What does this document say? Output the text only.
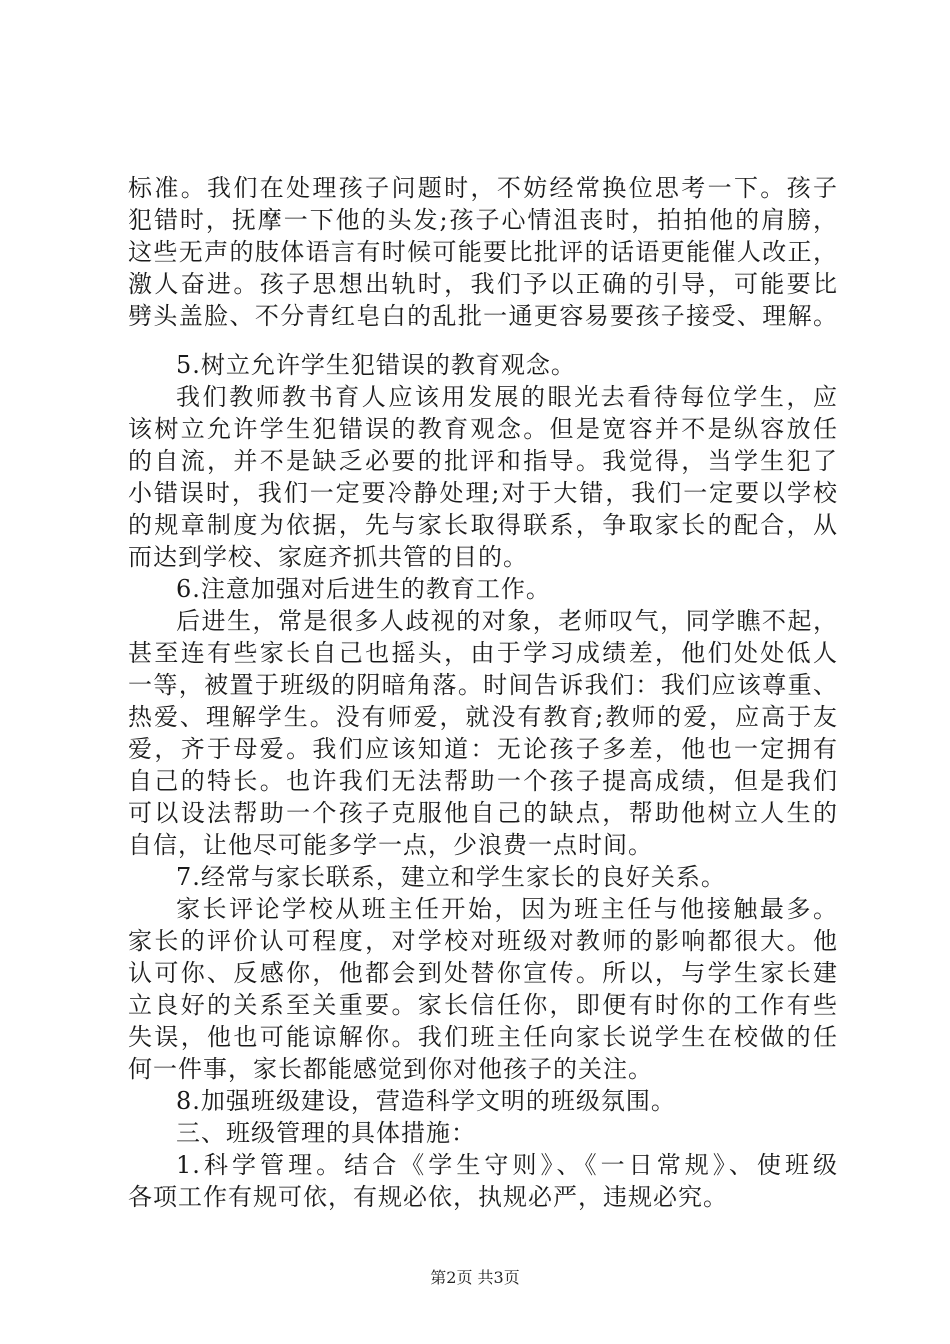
标准。我们在处理孩子问题时，不妨经常换位思考一下。孩子
犯错时，抚摩一下他的头发;孩子心情沮丧时，拍拍他的肩膀，
这些无声的肢体语言有时候可能要比批评的话语更能催人改正，
激人奋进。孩子思想出轨时，我们予以正确的引导，可能要比
劈头盖脸、不分青红皂白的乱批一通更容易要孩子接受、理解。
5.树立允许学生犯错误的教育观念。
我们教师教书育人应该用发展的眼光去看待每位学生，应
该树立允许学生犯错误的教育观念。但是宽容并不是纵容放任
的自流，并不是缺乏必要的批评和指导。我觉得，当学生犯了
小错误时，我们一定要冷静处理;对于大错，我们一定要以学校
的规章制度为依据，先与家长取得联系，争取家长的配合，从
而达到学校、家庭齐抓共管的目的。
6.注意加强对后进生的教育工作。
后进生，常是很多人歧视的对象，老师叹气，同学瞧不起，
甚至连有些家长自己也摇头，由于学习成绩差，他们处处低人
一等，被置于班级的阴暗角落。时间告诉我们：我们应该尊重、
热爱、理解学生。没有师爱，就没有教育;教师的爱，应高于友
爱，齐于母爱。我们应该知道：无论孩子多差，他也一定拥有
自己的特长。也许我们无法帮助一个孩子提高成绩，但是我们
可以设法帮助一个孩子克服他自己的缺点，帮助他树立人生的
自信，让他尽可能多学一点，少浪费一点时间。
7.经常与家长联系，建立和学生家长的良好关系。
家长评论学校从班主任开始，因为班主任与他接触最多。
家长的评价认可程度，对学校对班级对教师的影响都很大。他
认可你、反感你，他都会到处替你宣传。所以，与学生家长建
立良好的关系至关重要。家长信任你，即便有时你的工作有些
失误，他也可能谅解你。我们班主任向家长说学生在校做的任
何一件事，家长都能感觉到你对他孩子的关注。
8.加强班级建设，营造科学文明的班级氛围。
三、班级管理的具体措施：
第2页 共3页
1.科学管理。结合《学生守则》、《一日常规》、使班级
各项工作有规可依，有规必依，执规必严，违规必究。
